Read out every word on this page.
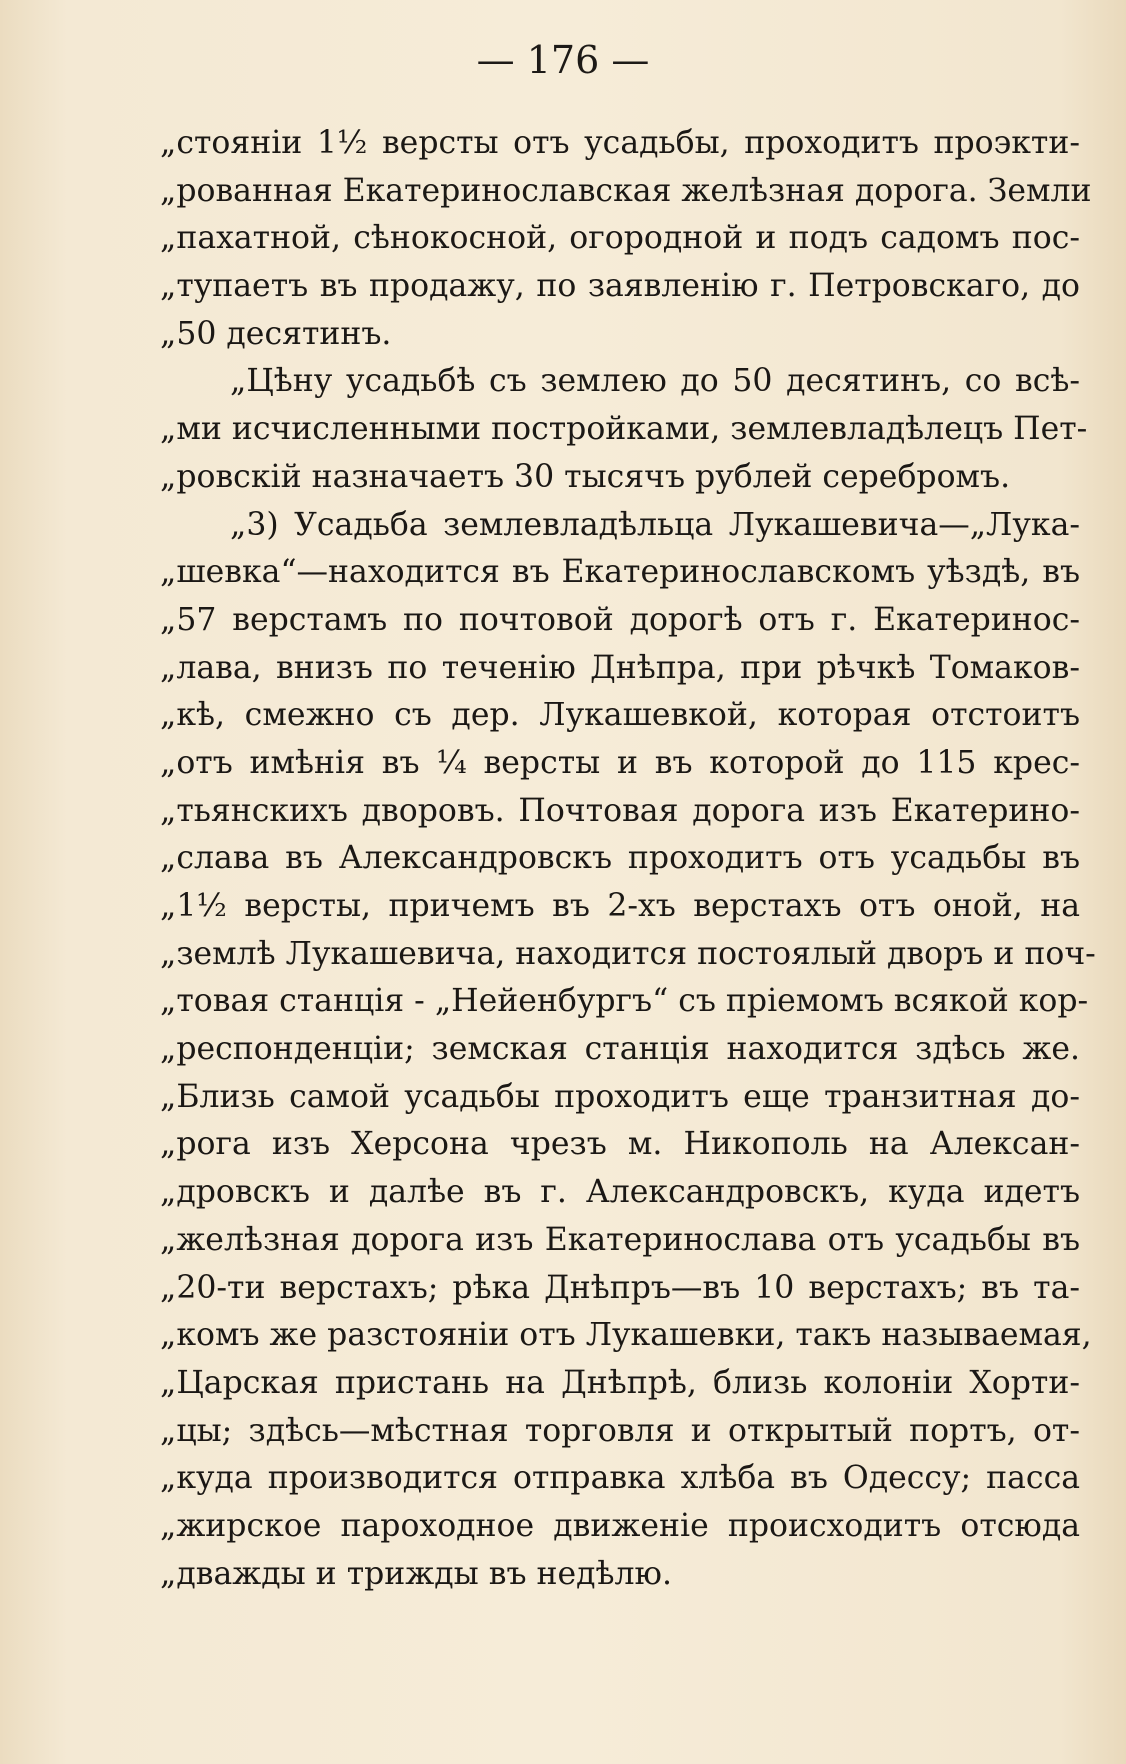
— 176 —
„стояніи 1½ версты отъ усадьбы, проходитъ проэкти-
„рованная Екатеринославская желѣзная дорога. Земли
„пахатной, сѣнокосной, огородной и подъ садомъ пос-
„тупаетъ въ продажу, по заявленію г. Петровскаго, до
„50 десятинъ.
„Цѣну усадьбѣ съ землею до 50 десятинъ, со всѣ-
„ми исчисленными постройками, землевладѣлецъ Пет-
„ровскій назначаетъ 30 тысячъ рублей серебромъ.
„3) Усадьба землевладѣльца Лукашевича—„Лука-
„шевка“—находится въ Екатеринославскомъ уѣздѣ, въ
„57 верстамъ по почтовой дорогѣ отъ г. Екатеринос-
„лава, внизъ по теченію Днѣпра, при рѣчкѣ Томаков-
„кѣ, смежно съ дер. Лукашевкой, которая отстоитъ
„отъ имѣнія въ ¼ версты и въ которой до 115 крес-
„тьянскихъ дворовъ. Почтовая дорога изъ Екатерино-
„слава въ Александровскъ проходитъ отъ усадьбы въ
„1½ версты, причемъ въ 2-хъ верстахъ отъ оной, на
„землѣ Лукашевича, находится постоялый дворъ и поч-
„товая станція - „Нейенбургъ“ съ пріемомъ всякой кор-
„респонденціи; земская станція находится здѣсь же.
„Близь самой усадьбы проходитъ еще транзитная до-
„рога изъ Херсона чрезъ м. Никополь на Алексан-
„дровскъ и далѣе въ г. Александровскъ, куда идетъ
„желѣзная дорога изъ Екатеринослава отъ усадьбы въ
„20-ти верстахъ; рѣка Днѣпръ—въ 10 верстахъ; въ та-
„комъ же разстояніи отъ Лукашевки, такъ называемая,
„Царская пристань на Днѣпрѣ, близь колоніи Хорти-
„цы; здѣсь—мѣстная торговля и открытый портъ, от-
„куда производится отправка хлѣба въ Одессу; пасса
„жирское пароходное движеніе происходитъ отсюда
„дважды и трижды въ недѣлю.
